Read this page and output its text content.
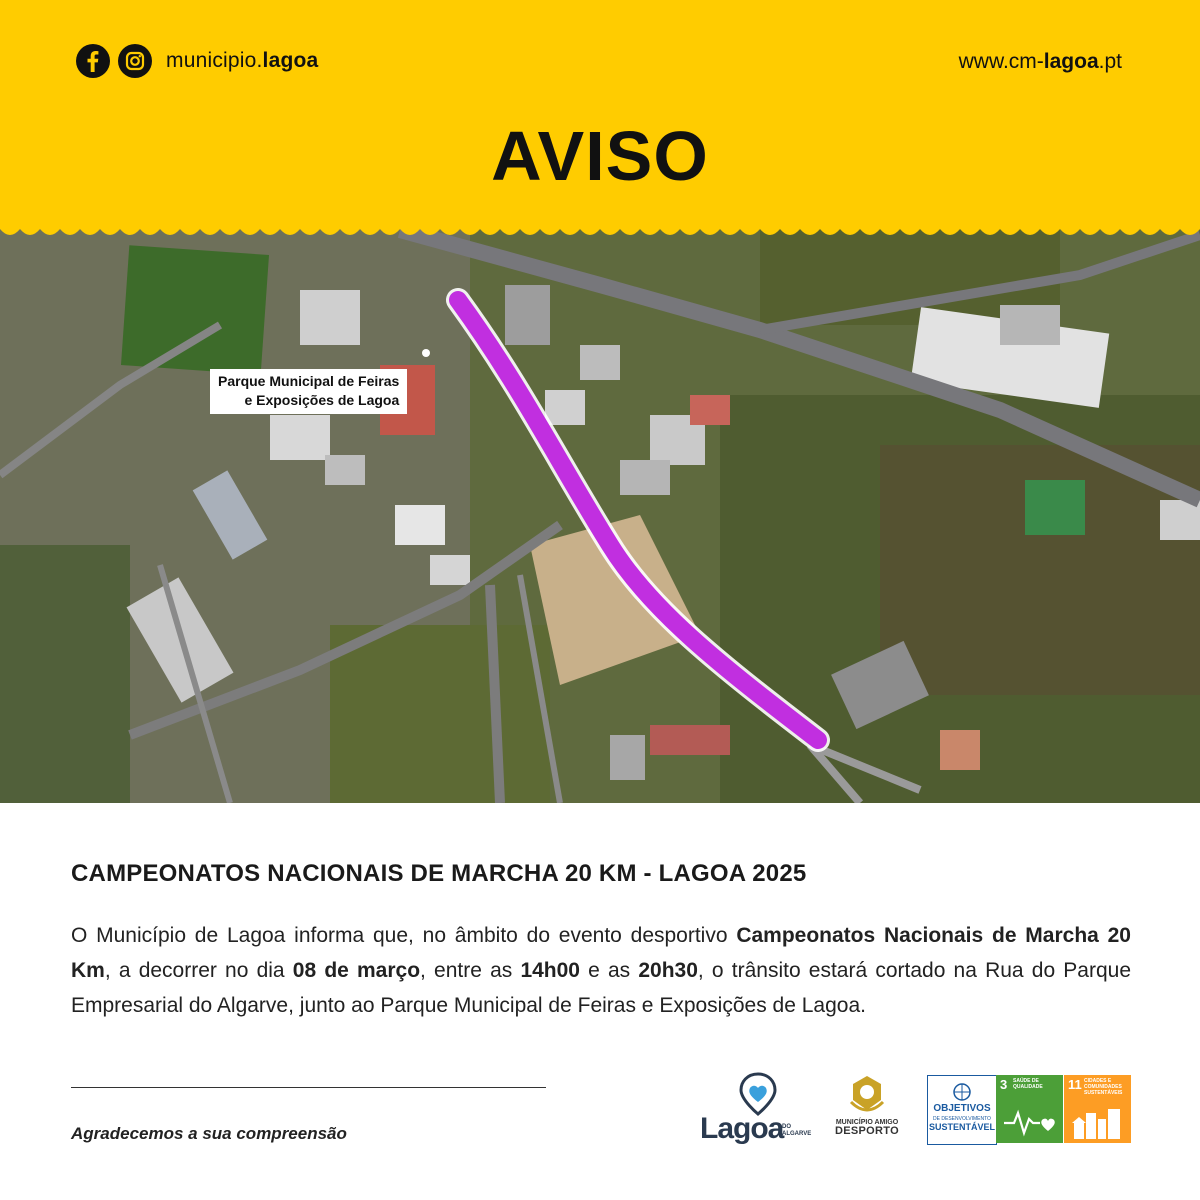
municipio.lagoa	www.cm-lagoa.pt
AVISO
Parque Municipal de Feiras
e Exposições de Lagoa
CAMPEONATOS NACIONAIS DE MARCHA 20 KM - LAGOA 2025
O Município de Lagoa informa que, no âmbito do evento desportivo Campeonatos Nacionais de Marcha 20 Km, a decorrer no dia 08 de março, entre as 14h00 e as 20h30, o trânsito estará cortado na Rua do Parque Empresarial do Algarve, junto ao Parque Municipal de Feiras e Exposições de Lagoa.
Agradecemos a sua compreensão	Lagoa
DO
ALGARVE
MUNICÍPIO AMIGO
DESPORTO
OBJETIVOS
DE DESENVOLVIMENTO
SUSTENTÁVEL
3 SAÚDE DE QUALIDADE	11 CIDADES E COMUNIDADES SUSTENTÁVEIS
